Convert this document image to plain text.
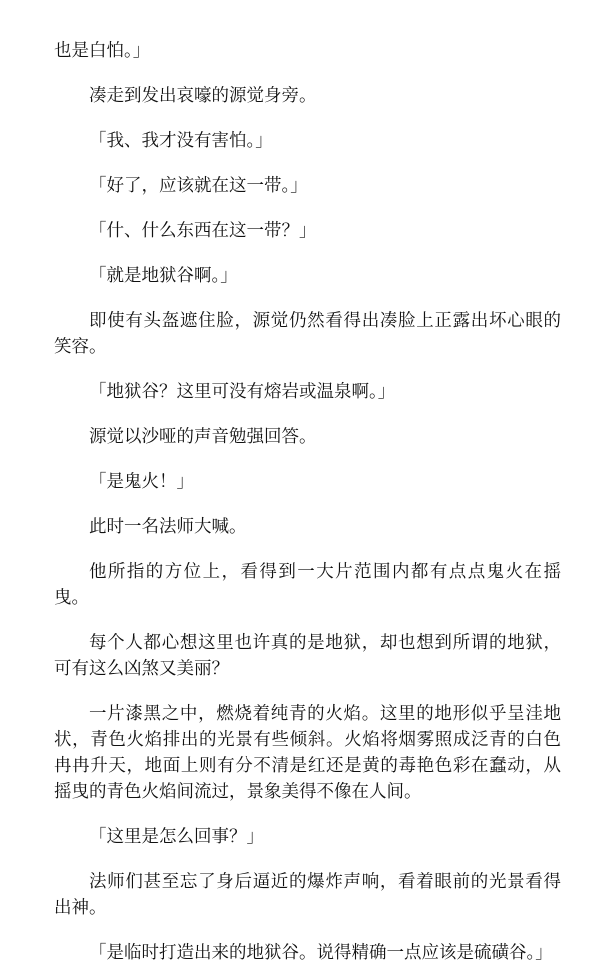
也是白怕。」

凑走到发出哀嚎的源觉身旁。

「我、我才没有害怕。」

「好了，应该就在这一带。」

「什、什么东西在这一带？」

「就是地狱谷啊。」

即使有头盔遮住脸，源觉仍然看得出凑脸上正露出坏心眼的笑容。

「地狱谷？这里可没有熔岩或温泉啊。」

源觉以沙哑的声音勉强回答。

「是鬼火！」

此时一名法师大喊。

他所指的方位上，看得到一大片范围内都有点点鬼火在摇曳。

每个人都心想这里也许真的是地狱，却也想到所谓的地狱，可有这么凶煞又美丽？

一片漆黑之中，燃烧着纯青的火焰。这里的地形似乎呈洼地状，青色火焰排出的光景有些倾斜。火焰将烟雾照成泛青的白色冉冉升天，地面上则有分不清是红还是黄的毒艳色彩在蠢动，从摇曳的青色火焰间流过，景象美得不像在人间。

「这里是怎么回事？」

法师们甚至忘了身后逼近的爆炸声响，看着眼前的光景看得出神。

「是临时打造出来的地狱谷。说得精确一点应该是硫磺谷。」
